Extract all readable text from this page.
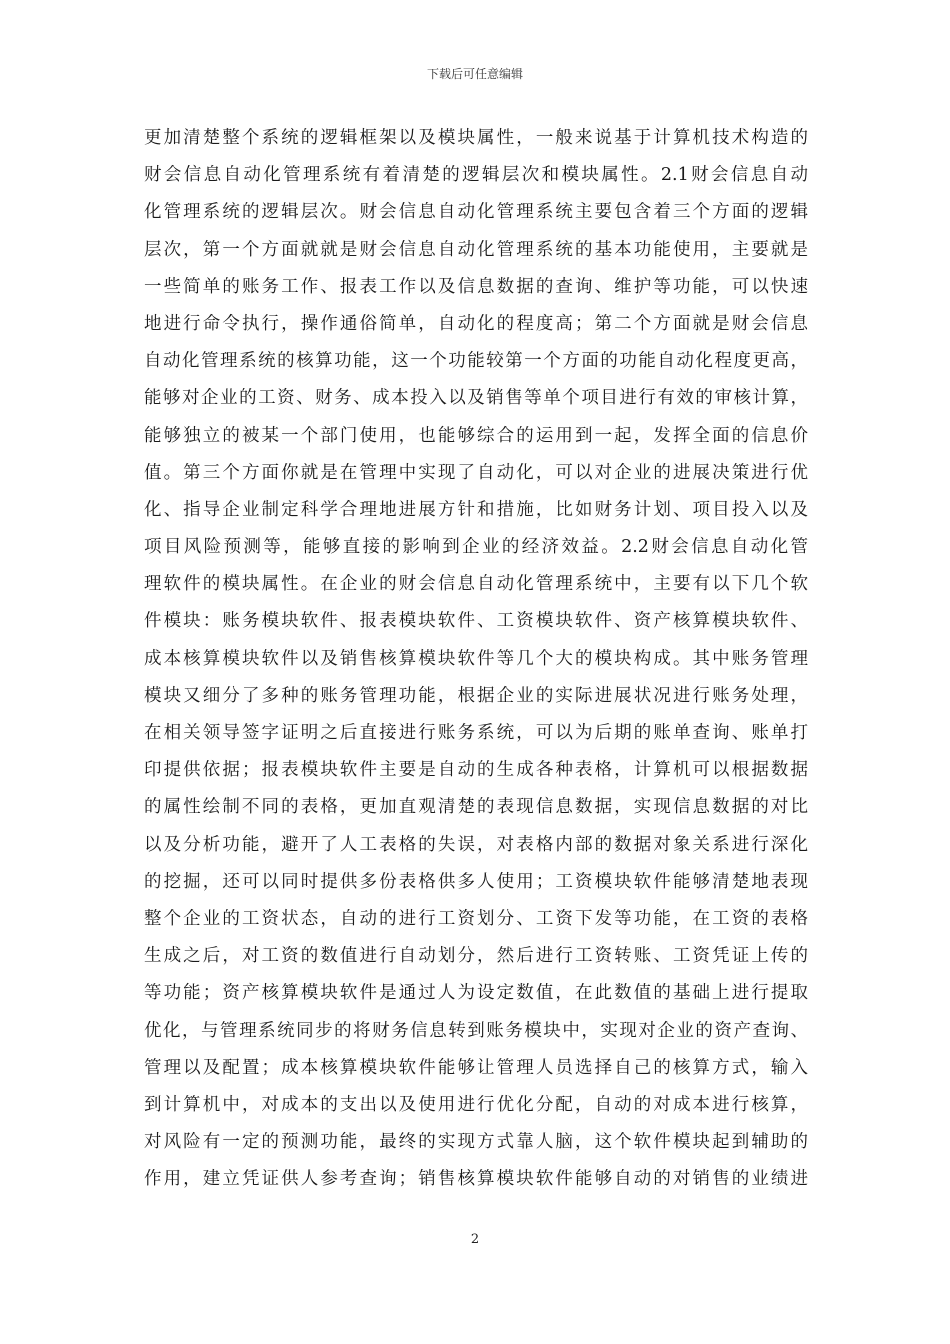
下载后可任意编辑
更加清楚整个系统的逻辑框架以及模块属性，一般来说基于计算机技术构造的
财会信息自动化管理系统有着清楚的逻辑层次和模块属性。2.1财会信息自动
化管理系统的逻辑层次。财会信息自动化管理系统主要包含着三个方面的逻辑
层次，第一个方面就就是财会信息自动化管理系统的基本功能使用，主要就是
一些简单的账务工作、报表工作以及信息数据的查询、维护等功能，可以快速
地进行命令执行，操作通俗简单，自动化的程度高；第二个方面就是财会信息
自动化管理系统的核算功能，这一个功能较第一个方面的功能自动化程度更高，
能够对企业的工资、财务、成本投入以及销售等单个项目进行有效的审核计算，
能够独立的被某一个部门使用，也能够综合的运用到一起，发挥全面的信息价
值。第三个方面你就是在管理中实现了自动化，可以对企业的进展决策进行优
化、指导企业制定科学合理地进展方针和措施，比如财务计划、项目投入以及
项目风险预测等，能够直接的影响到企业的经济效益。2.2财会信息自动化管
理软件的模块属性。在企业的财会信息自动化管理系统中，主要有以下几个软
件模块：账务模块软件、报表模块软件、工资模块软件、资产核算模块软件、
成本核算模块软件以及销售核算模块软件等几个大的模块构成。其中账务管理
模块又细分了多种的账务管理功能，根据企业的实际进展状况进行账务处理，
在相关领导签字证明之后直接进行账务系统，可以为后期的账单查询、账单打
印提供依据；报表模块软件主要是自动的生成各种表格，计算机可以根据数据
的属性绘制不同的表格，更加直观清楚的表现信息数据，实现信息数据的对比
以及分析功能，避开了人工表格的失误，对表格内部的数据对象关系进行深化
的挖掘，还可以同时提供多份表格供多人使用；工资模块软件能够清楚地表现
整个企业的工资状态，自动的进行工资划分、工资下发等功能，在工资的表格
生成之后，对工资的数值进行自动划分，然后进行工资转账、工资凭证上传的
等功能；资产核算模块软件是通过人为设定数值，在此数值的基础上进行提取
优化，与管理系统同步的将财务信息转到账务模块中，实现对企业的资产查询、
管理以及配置；成本核算模块软件能够让管理人员选择自己的核算方式，输入
到计算机中，对成本的支出以及使用进行优化分配，自动的对成本进行核算，
对风险有一定的预测功能，最终的实现方式靠人脑，这个软件模块起到辅助的
作用，建立凭证供人参考查询；销售核算模块软件能够自动的对销售的业绩进
2
